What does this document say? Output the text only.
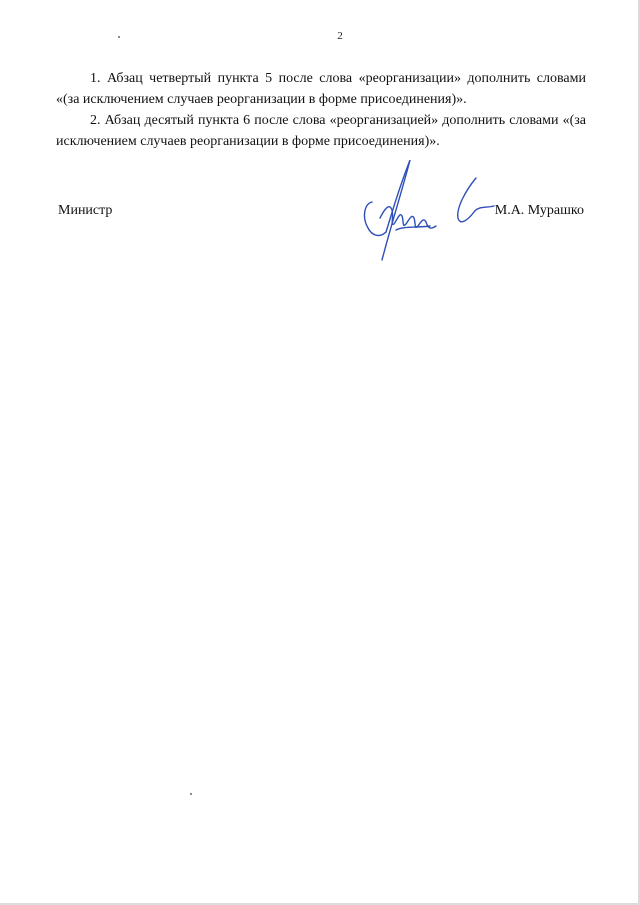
2

1. Абзац четвертый пункта 5 после слова «реорганизации» дополнить словами «(за исключением случаев реорганизации в форме присоединения)».

2. Абзац десятый пункта 6 после слова «реорганизацией» дополнить словами «(за исключением случаев реорганизации в форме присоединения)».

Министр	М.А. Мурашко
